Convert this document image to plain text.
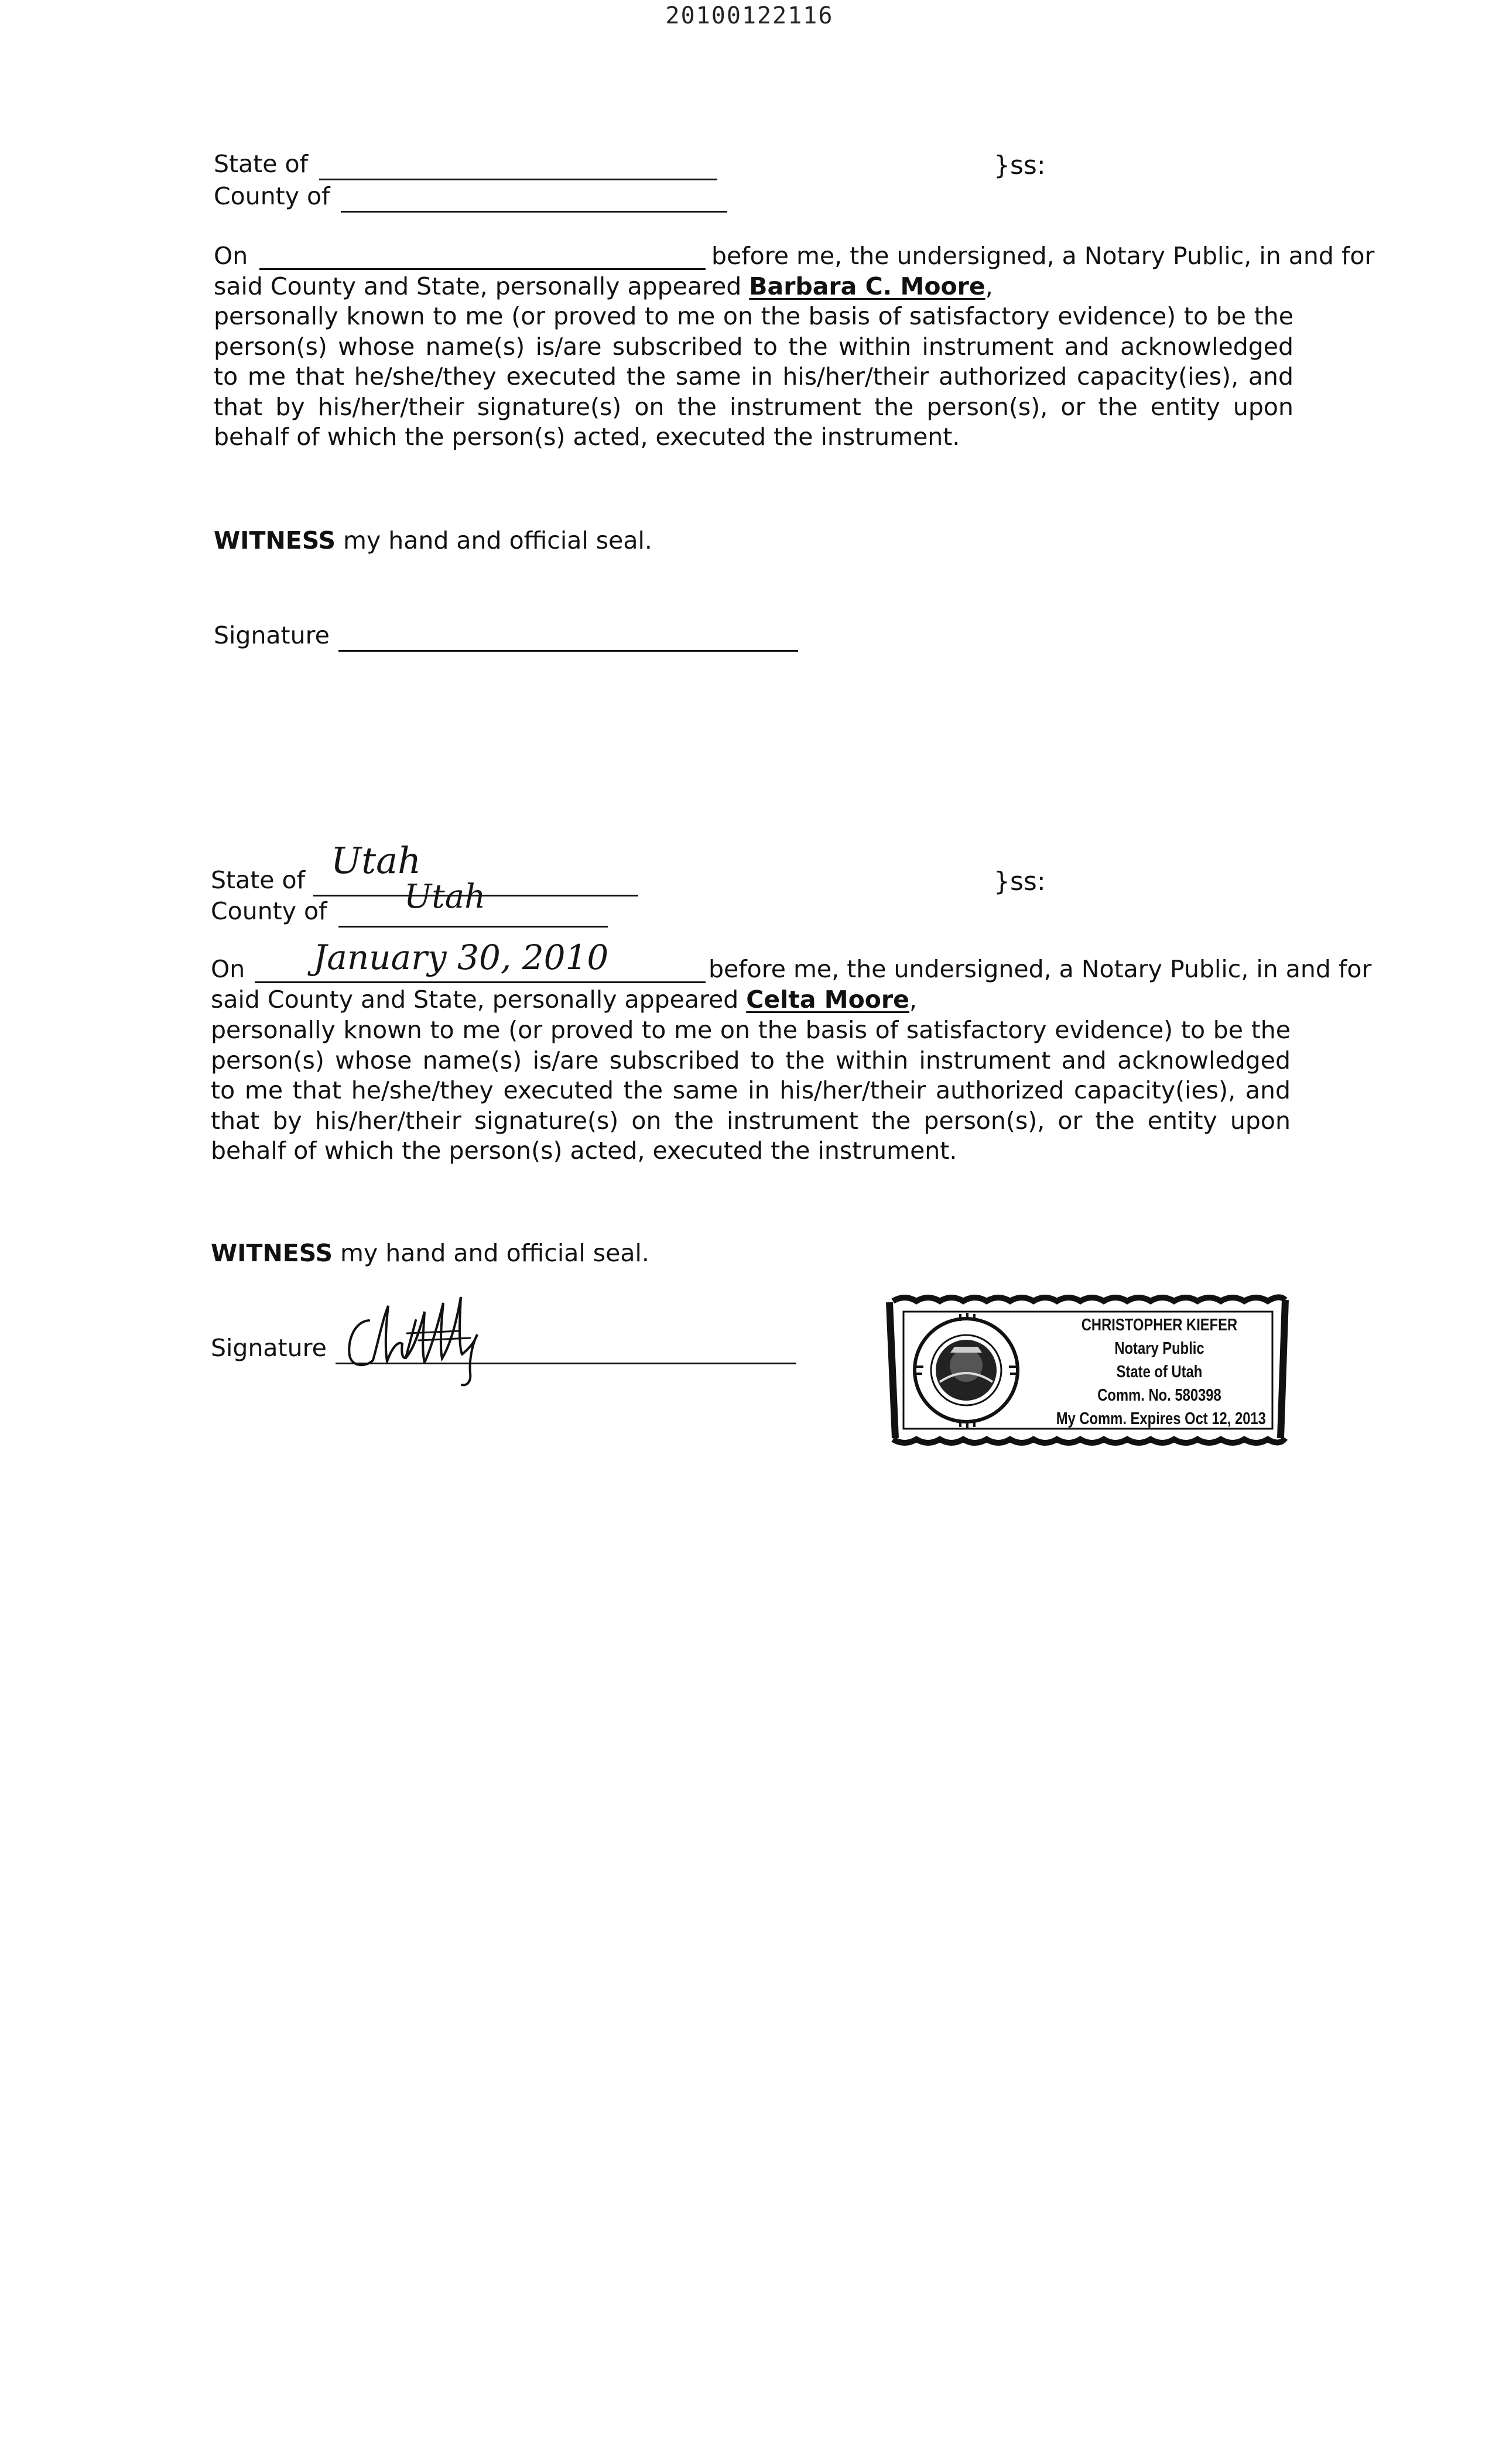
20100122116
State of	}ss:
County of
On	before me, the undersigned, a Notary Public, in and for
said County and State, personally appeared Barbara C. Moore,
personally known to me (or proved to me on the basis of satisfactory evidence) to be the person(s) whose name(s) is/are subscribed to the within instrument and acknowledged to me that he/she/they executed the same in his/her/their authorized capacity(ies), and that by his/her/their signature(s) on the instrument the person(s), or the entity upon behalf of which the person(s) acted, executed the instrument.
WITNESS my hand and official seal.
Signature
State of Utah	}ss:
County of Utah
On January 30, 2010	before me, the undersigned, a Notary Public, in and for
said County and State, personally appeared Celta Moore,
personally known to me (or proved to me on the basis of satisfactory evidence) to be the person(s) whose name(s) is/are subscribed to the within instrument and acknowledged to me that he/she/they executed the same in his/her/their authorized capacity(ies), and that by his/her/their signature(s) on the instrument the person(s), or the entity upon behalf of which the person(s) acted, executed the instrument.
WITNESS my hand and official seal.
Signature
CHRISTOPHER KIEFER
Notary Public
State of Utah
Comm. No. 580398
My Comm. Expires Oct 12, 2013
